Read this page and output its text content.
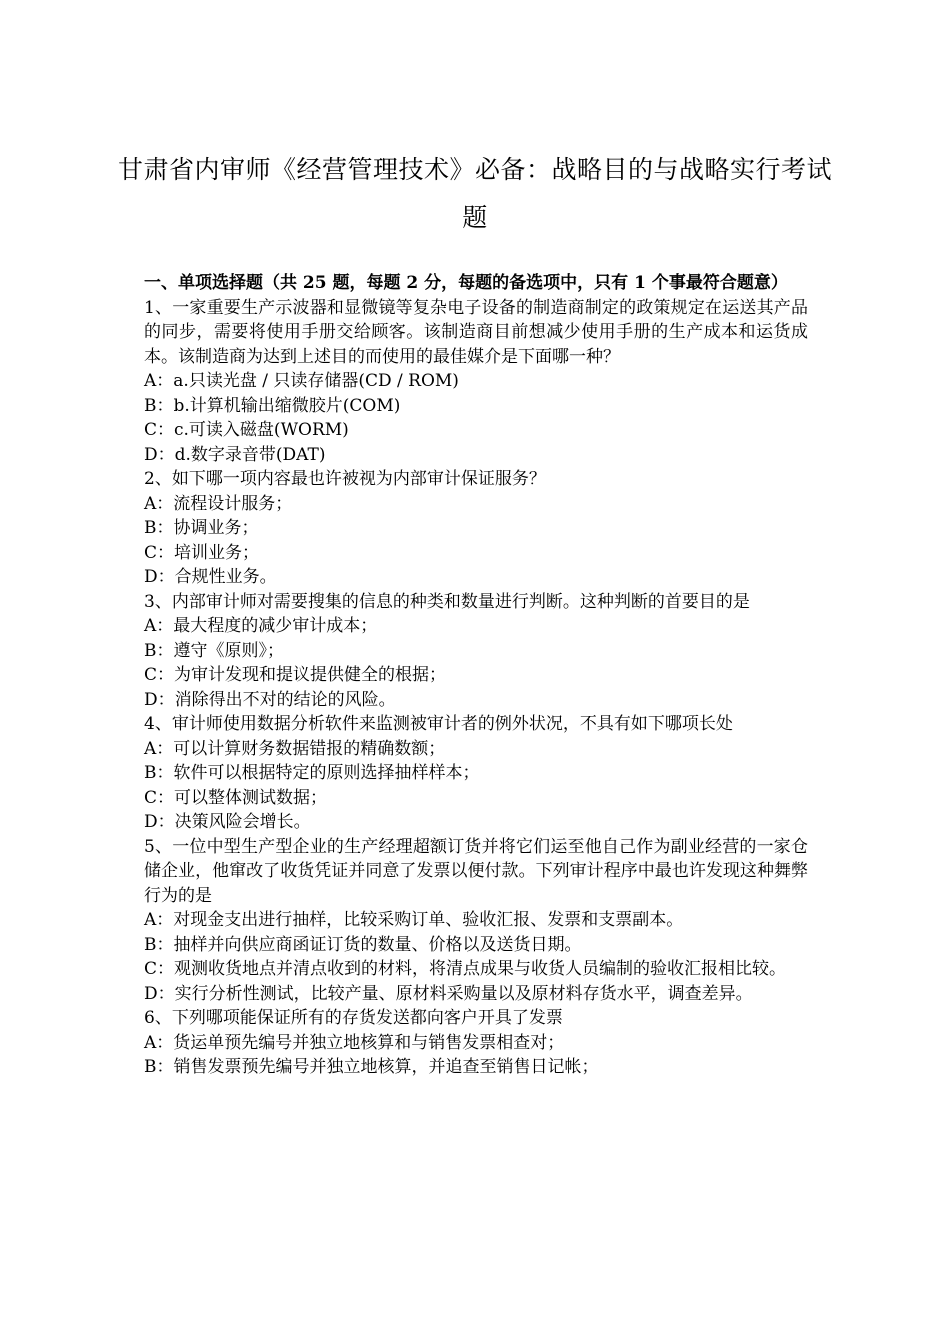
甘肃省内审师《经营管理技术》必备：战略目的与战略实行考试题

一、单项选择题（共 25 题，每题 2 分，每题的备选项中，只有 1 个事最符合题意）

1、一家重要生产示波器和显微镜等复杂电子设备的制造商制定的政策规定在运送其产品的同步，需要将使用手册交给顾客。该制造商目前想减少使用手册的生产成本和运货成本。该制造商为达到上述目的而使用的最佳媒介是下面哪一种？

A：a.只读光盘 / 只读存储器(CD / ROM)

B：b.计算机输出缩微胶片(COM)

C：c.可读入磁盘(WORM)

D：d.数字录音带(DAT)

2、如下哪一项内容最也许被视为内部审计保证服务？

A：流程设计服务；

B：协调业务；

C：培训业务；

D：合规性业务。

3、内部审计师对需要搜集的信息的种类和数量进行判断。这种判断的首要目的是

A：最大程度的减少审计成本；

B：遵守《原则》；

C：为审计发现和提议提供健全的根据；

D：消除得出不对的结论的风险。

4、审计师使用数据分析软件来监测被审计者的例外状况，不具有如下哪项长处

A：可以计算财务数据错报的精确数额；

B：软件可以根据特定的原则选择抽样样本；

C：可以整体测试数据；

D：决策风险会增长。

5、一位中型生产型企业的生产经理超额订货并将它们运至他自己作为副业经营的一家仓储企业，他窜改了收货凭证并同意了发票以便付款。下列审计程序中最也许发现这种舞弊行为的是

A：对现金支出进行抽样，比较采购订单、验收汇报、发票和支票副本。

B：抽样并向供应商函证订货的数量、价格以及送货日期。

C：观测收货地点并清点收到的材料，将清点成果与收货人员编制的验收汇报相比较。

D：实行分析性测试，比较产量、原材料采购量以及原材料存货水平，调查差异。

6、下列哪项能保证所有的存货发送都向客户开具了发票

A：货运单预先编号并独立地核算和与销售发票相查对；

B：销售发票预先编号并独立地核算，并追查至销售日记帐；
